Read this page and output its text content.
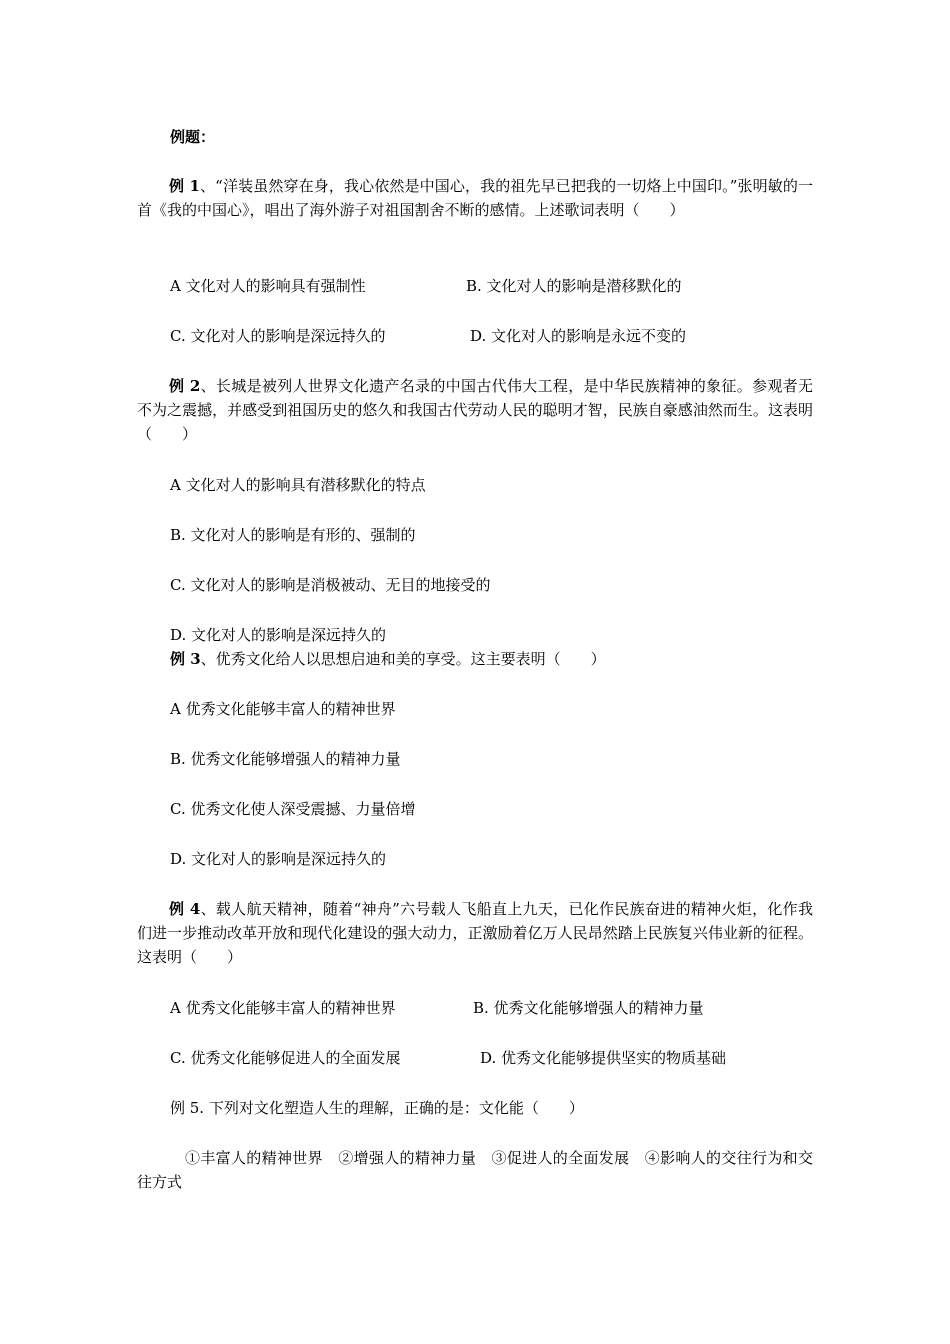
例题：
例 1、“洋装虽然穿在身，我心依然是中国心，我的祖先早已把我的一切烙上中国印。”张明敏的一首《我的中国心》，唱出了海外游子对祖国割舍不断的感情。上述歌词表明（　　）
A 文化对人的影响具有强制性	B. 文化对人的影响是潜移默化的
C. 文化对人的影响是深远持久的	D. 文化对人的影响是永远不变的
例 2、长城是被列人世界文化遗产名录的中国古代伟大工程，是中华民族精神的象征。参观者无不为之震撼，并感受到祖国历史的悠久和我国古代劳动人民的聪明才智，民族自豪感油然而生。这表明（　　）
A 文化对人的影响具有潜移默化的特点
B. 文化对人的影响是有形的、强制的
C. 文化对人的影响是消极被动、无目的地接受的
D. 文化对人的影响是深远持久的
例 3、优秀文化给人以思想启迪和美的享受。这主要表明（　　）
A 优秀文化能够丰富人的精神世界
B. 优秀文化能够增强人的精神力量
C. 优秀文化使人深受震撼、力量倍增
D. 文化对人的影响是深远持久的
例 4、载人航天精神，随着“神舟”六号载人飞船直上九天，已化作民族奋进的精神火炬，化作我们进一步推动改革开放和现代化建设的强大动力，正激励着亿万人民昂然踏上民族复兴伟业新的征程。这表明（　　）
A 优秀文化能够丰富人的精神世界	B. 优秀文化能够增强人的精神力量
C. 优秀文化能够促进人的全面发展	D. 优秀文化能够提供坚实的物质基础
例 5. 下列对文化塑造人生的理解，正确的是：文化能（　　）
①丰富人的精神世界　②增强人的精神力量　③促进人的全面发展　④影响人的交往行为和交往方式
